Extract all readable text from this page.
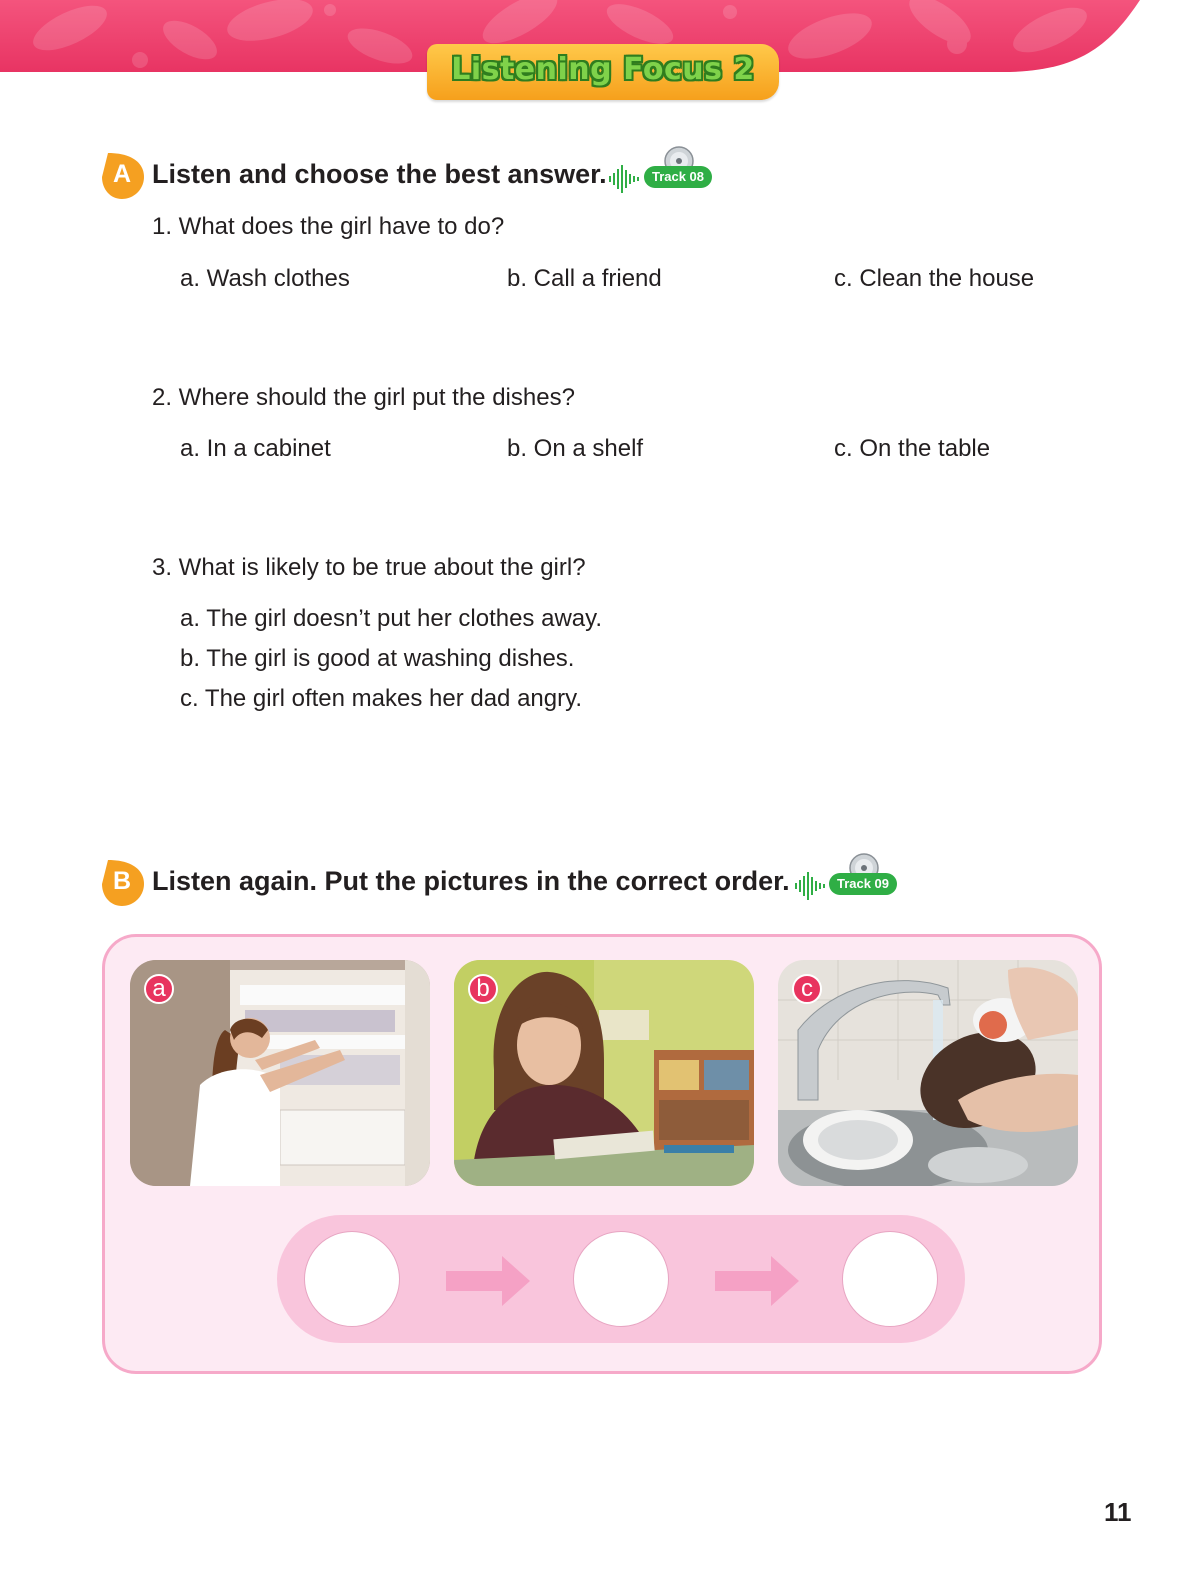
Listening Focus 2
A Listen and choose the best answer.	Track 08
1. What does the girl have to do?
a. Wash clothes	b. Call a friend	c. Clean the house
2. Where should the girl put the dishes?
a. In a cabinet	b. On a shelf	c. On the table
3. What is likely to be true about the girl?
a. The girl doesn’t put her clothes away.
b. The girl is good at washing dishes.
c. The girl often makes her dad angry.
B Listen again. Put the pictures in the correct order.	Track 09
a	b	c
11
